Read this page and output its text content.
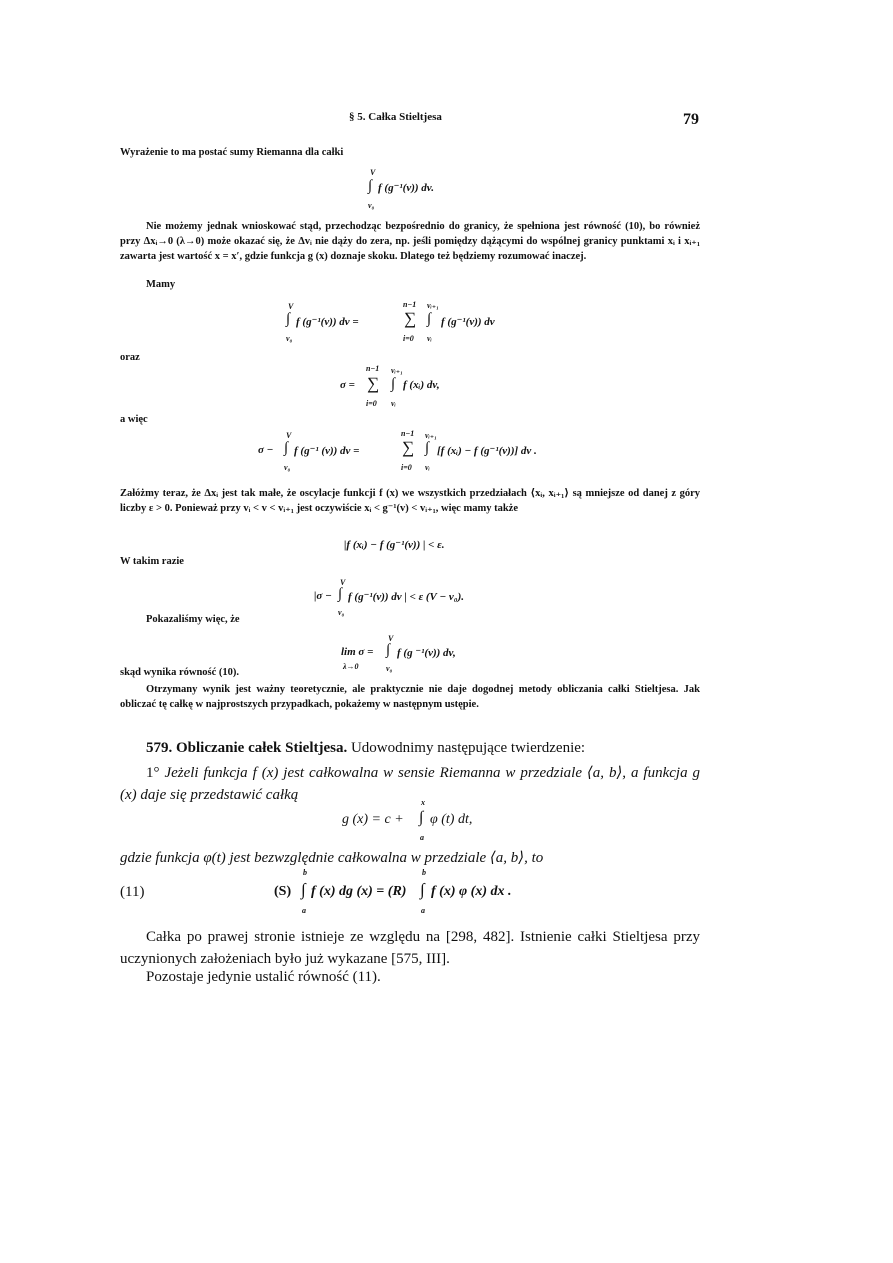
§ 5. Całka Stieltjesa	79
Wyrażenie to ma postać sumy Riemanna dla całki
V
∫ f (g⁻¹(v)) dv.
v₀
Nie możemy jednak wnioskować stąd, przechodząc bezpośrednio do granicy, że spełniona jest równość (10), bo również przy Δxᵢ→0 (λ→0) może okazać się, że Δvᵢ nie dąży do zera, np. jeśli pomiędzy dążącymi do wspólnej granicy punktami xᵢ i xᵢ₊₁ zawarta jest wartość x = x′, gdzie funkcja g (x) doznaje skoku. Dlatego też będziemy rozumować inaczej.
Mamy
V
∫ f (g⁻¹(v)) dv =
v₀
n−1
∑
i=0
vᵢ₊₁
∫
vᵢ
f (g⁻¹(v)) dv
oraz
σ =
n−1
∑
i=0
vᵢ₊₁
∫
vᵢ
f (xᵢ) dv,
a więc
σ −
V
∫
v₀
f (g⁻¹ (v)) dv =
n−1
∑
i=0
vᵢ₊₁
∫
vᵢ
[f (xᵢ) − f (g⁻¹(v))] dv .
Załóżmy teraz, że Δxᵢ jest tak małe, że oscylacje funkcji f (x) we wszystkich przedziałach ⟨xᵢ, xᵢ₊₁⟩ są mniejsze od danej z góry liczby ε > 0. Ponieważ przy vᵢ < v < vᵢ₊₁ jest oczywiście xᵢ < g⁻¹(v) < vᵢ₊₁, więc mamy także
|f (xᵢ) − f (g⁻¹(v)) | < ε.
W takim razie
|σ −
V
∫
v₀
f (g⁻¹(v)) dv | < ε (V − v₀).
Pokazaliśmy więc, że
lim σ =
λ→0
V
∫
v₀
f (g ⁻¹(v)) dv,
skąd wynika równość (10).
Otrzymany wynik jest ważny teoretycznie, ale praktycznie nie daje dogodnej metody obliczania całki Stieltjesa. Jak obliczać tę całkę w najprostszych przypadkach, pokażemy w następnym ustępie.
579. Obliczanie całek Stieltjesa. Udowodnimy następujące twierdzenie:
1° Jeżeli funkcja f (x) jest całkowalna w sensie Riemanna w przedziale ⟨a, b⟩, a funkcja g (x) daje się przedstawić całką
g (x) = c +
x
∫
a
φ (t) dt,
gdzie funkcja φ(t) jest bezwzględnie całkowalna w przedziale ⟨a, b⟩, to
(11)	(S)
b
∫
a
f (x) dg (x) = (R)
b
∫
a
f (x) φ (x) dx .
Całka po prawej stronie istnieje ze względu na [298, 482]. Istnienie całki Stieltjesa przy uczynionych założeniach było już wykazane [575, III].
Pozostaje jedynie ustalić równość (11).
